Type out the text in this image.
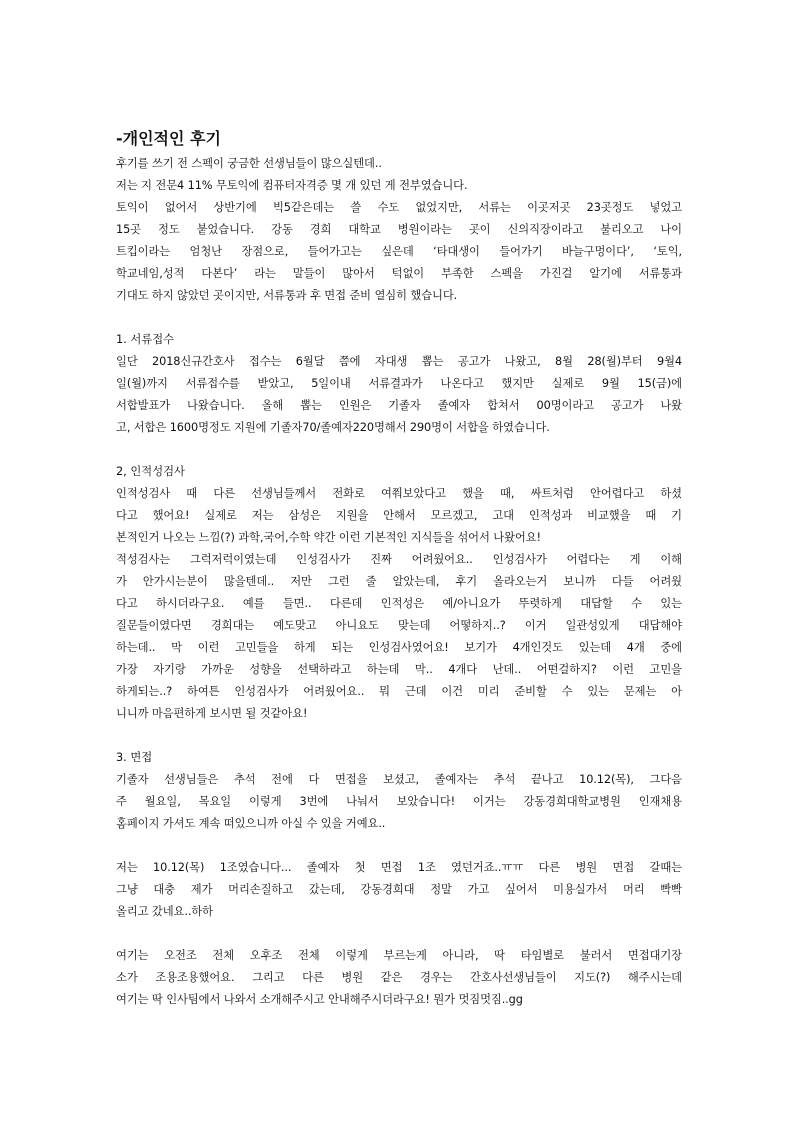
-개인적인 후기
후기를 쓰기 전 스펙이 궁금한 선생님들이 많으실텐데..
저는 지 전문4 11% 무토익에 컴퓨터자격증 몇 개 있던 게 전부였습니다.
토익이 없어서 상반기에 빅5같은데는 쓸 수도 없었지만, 서류는 이곳저곳 23곳정도 넣었고
15곳 정도 붙었습니다. 강동 경희 대학교 병원이라는 곳이 신의직장이라고 불리오고 나이
트킵이라는 엄청난 장점으로, 들어가고는 싶은데 ‘타대생이 들어가기 바늘구멍이다’, ‘토익,
학교네임,성적 다본다’ 라는 말들이 많아서 턱없이 부족한 스펙을 가진걸 알기에 서류통과
기대도 하지 않았던 곳이지만, 서류통과 후 면접 준비 열심히 했습니다.
1. 서류접수
일단 2018신규간호사 접수는 6월달 쯤에 자대생 뽑는 공고가 나왔고, 8월 28(월)부터 9월4
일(월)까지 서류접수를 받았고, 5일이내 서류결과가 나온다고 했지만 실제로 9월 15(금)에
서합발표가 나왔습니다. 올해 뽑는 인원은 기졸자 졸예자 합쳐서 00명이라고 공고가 나왔
고, 서합은 1600명정도 지원에 기졸자70/졸예자220명해서 290명이 서합을 하였습니다.
2, 인적성검사
인적성검사 때 다른 선생님들께서 전화로 여쭤보았다고 했을 때, 싸트처럼 안어렵다고 하셨
다고 했어요! 실제로 저는 삼성은 지원을 안해서 모르겠고, 고대 인적성과 비교했을 때 기
본적인거 나오는 느낌(?) 과학,국어,수학 약간 이런 기본적인 지식들을 섞어서 나왔어요!
적성검사는 그럭저럭이였는데 인성검사가 진짜 어려웠어요.. 인성검사가 어렵다는 게 이해
가 안가시는분이 많을텐데.. 저만 그런 줄 알았는데, 후기 올라오는거 보니까 다들 어려웠
다고 하시더라구요. 예를 들면.. 다른데 인적성은 예/아니요가 뚜렷하게 대답할 수 있는
질문들이였다면 경희대는 예도맞고 아니요도 맞는데 어떻하지..? 이거 일관성있게 대답해야
하는데.. 막 이런 고민들을 하게 되는 인성검사였어요! 보기가 4개인것도 있는데 4개 중에
가장 자기랑 가까운 성향을 선택하라고 하는데 막.. 4개다 난데.. 어떤걸하지? 이런 고민을
하게되는..? 하여튼 인성검사가 어려웠어요.. 뭐 근데 이건 미리 준비할 수 있는 문제는 아
니니까 마음편하게 보시면 될 것같아요!
3. 면접
기졸자 선생님들은 추석 전에 다 면접을 보셨고, 졸예자는 추석 끝나고 10.12(목), 그다음
주 월요일, 목요일 이렇게 3번에 나눠서 보았습니다! 이거는 강동경희대학교병원 인재채용
홈페이지 가셔도 계속 떠있으니까 아실 수 있을 거예요..
저는 10.12(목) 1조였습니다... 졸예자 첫 면접 1조 였던거죠..ㅠㅠ 다른 병원 면접 갈때는
그냥 대충 제가 머리손질하고 갔는데, 강동경희대 정말 가고 싶어서 미용실가서 머리 빡빡
올리고 갔네요..하하
여기는 오전조 전체 오후조 전체 이렇게 부르는게 아니라, 딱 타임별로 불러서 면접대기장
소가 조용조용했어요. 그리고 다른 병원 같은 경우는 간호사선생님들이 지도(?) 해주시는데
여기는 딱 인사팀에서 나와서 소개해주시고 안내해주시더라구요! 뭔가 멋짐멋짐..gg
